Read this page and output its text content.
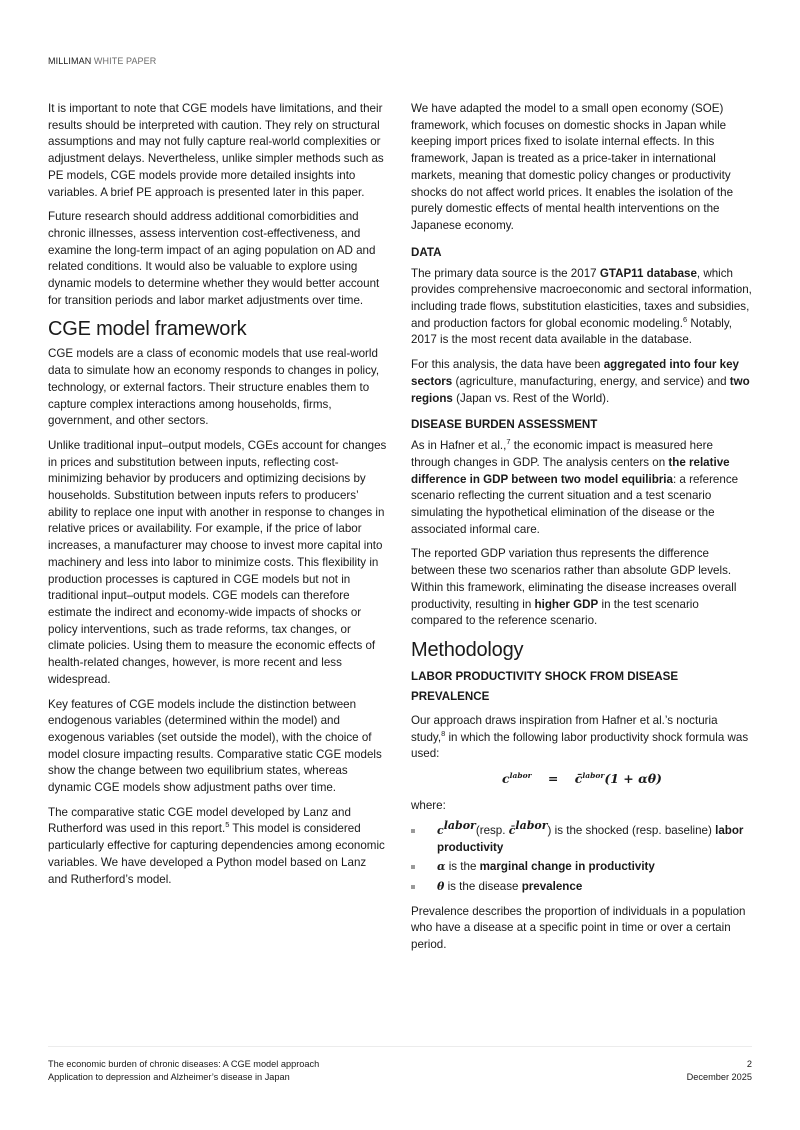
MILLIMAN WHITE PAPER

It is important to note that CGE models have limitations, and their results should be interpreted with caution. They rely on structural assumptions and may not fully capture real-world complexities or adjustment delays. Nevertheless, unlike simpler methods such as PE models, CGE models provide more detailed insights into variables. A brief PE approach is presented later in this paper.

Future research should address additional comorbidities and chronic illnesses, assess intervention cost-effectiveness, and examine the long-term impact of an aging population on AD and related conditions. It would also be valuable to explore using dynamic models to determine whether they would better account for transition periods and labor market adjustments over time.

CGE model framework

CGE models are a class of economic models that use real-world data to simulate how an economy responds to changes in policy, technology, or external factors. Their structure enables them to capture complex interactions among households, firms, government, and other sectors.

Unlike traditional input–output models, CGEs account for changes in prices and substitution between inputs, reflecting cost-minimizing behavior by producers and optimizing decisions by households. Substitution between inputs refers to producers’ ability to replace one input with another in response to changes in relative prices or availability. For example, if the price of labor increases, a manufacturer may choose to invest more capital into machinery and less into labor to minimize costs. This flexibility in production processes is captured in CGE models but not in traditional input–output models. CGE models can therefore estimate the indirect and economy-wide impacts of shocks or policy interventions, such as trade reforms, tax changes, or climate policies. Using them to measure the economic effects of health-related changes, however, is more recent and less widespread.

Key features of CGE models include the distinction between endogenous variables (determined within the model) and exogenous variables (set outside the model), with the choice of model closure impacting results. Comparative static CGE models show the change between two equilibrium states, whereas dynamic CGE models show adjustment paths over time.

The comparative static CGE model developed by Lanz and Rutherford was used in this report.$^5$ This model is considered particularly effective for capturing dependencies among economic variables. We have developed a Python model based on Lanz and Rutherford’s model.

We have adapted the model to a small open economy (SOE) framework, which focuses on domestic shocks in Japan while keeping import prices fixed to isolate internal effects. In this framework, Japan is treated as a price-taker in international markets, meaning that domestic policy changes or productivity shocks do not affect world prices. It enables the isolation of the purely domestic effects of mental health interventions on the Japanese economy.

DATA

The primary data source is the 2017 GTAP11 database, which provides comprehensive macroeconomic and sectoral information, including trade flows, substitution elasticities, taxes and subsidies, and production factors for global economic modeling.$^6$ Notably, 2017 is the most recent data available in the database.

For this analysis, the data have been aggregated into four key sectors (agriculture, manufacturing, energy, and service) and two regions (Japan vs. Rest of the World).

DISEASE BURDEN ASSESSMENT

As in Hafner et al.,$^7$ the economic impact is measured here through changes in GDP. The analysis centers on the relative difference in GDP between two model equilibria: a reference scenario reflecting the current situation and a test scenario simulating the hypothetical elimination of the disease or the associated informal care.

The reported GDP variation thus represents the difference between these two scenarios rather than absolute GDP levels. Within this framework, eliminating the disease increases overall productivity, resulting in higher GDP in the test scenario compared to the reference scenario.

Methodology
LABOR PRODUCTIVITY SHOCK FROM DISEASE PREVALENCE

Our approach draws inspiration from Hafner et al.’s nocturia study,$^8$ in which the following labor productivity shock formula was used:

$c^{labor}$ = c̄$^{labor}$(1 + αθ)

where:

$c^{labor}(resp$. c̄$^{labor}$) is the shocked (resp. baseline) labor productivity
α is the marginal change in productivity
θ is the disease prevalence

Prevalence describes the proportion of individuals in a population who have a disease at a specific point in time or over a certain period.

The economic burden of chronic diseases: A CGE model approach
Application to depression and Alzheimer’s disease in Japan
2
December 2025
